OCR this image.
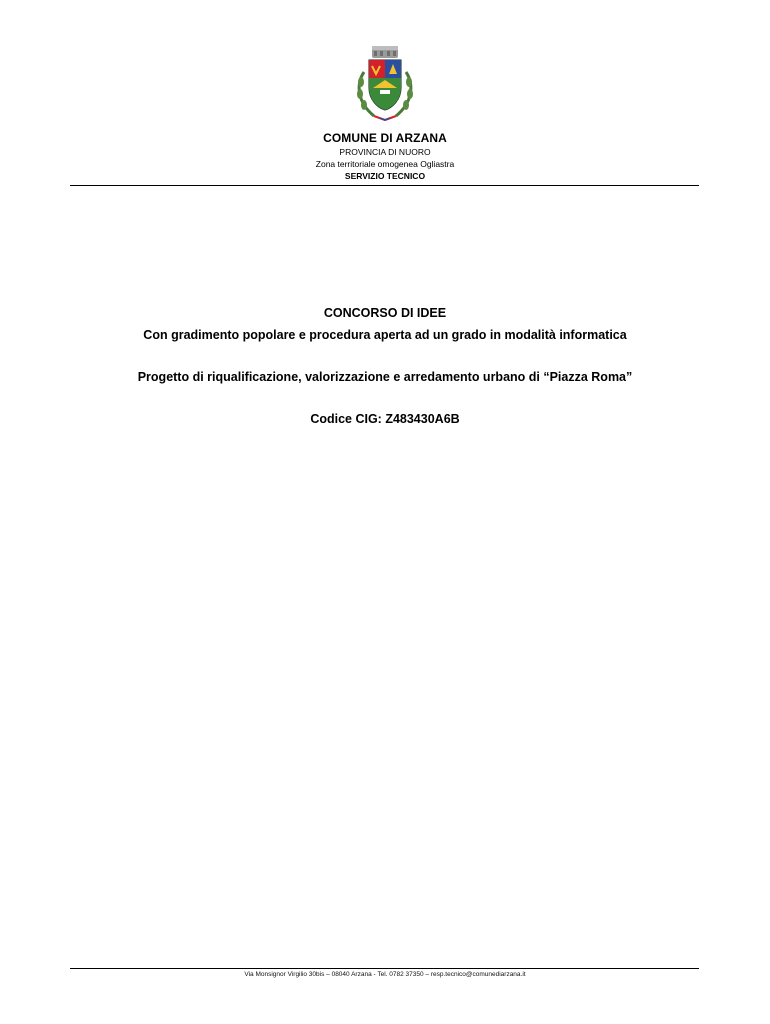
COMUNE DI ARZANA
PROVINCIA DI NUORO
Zona territoriale omogenea Ogliastra
SERVIZIO TECNICO
CONCORSO DI IDEE
Con gradimento popolare e procedura aperta ad un grado in modalità informatica
Progetto di riqualificazione, valorizzazione e arredamento urbano di “Piazza Roma”
Codice CIG: Z483430A6B
Via Monsignor Virgilio 30bis – 08040 Arzana - Tel. 0782 37350 – resp.tecnico@comunediarzana.it
